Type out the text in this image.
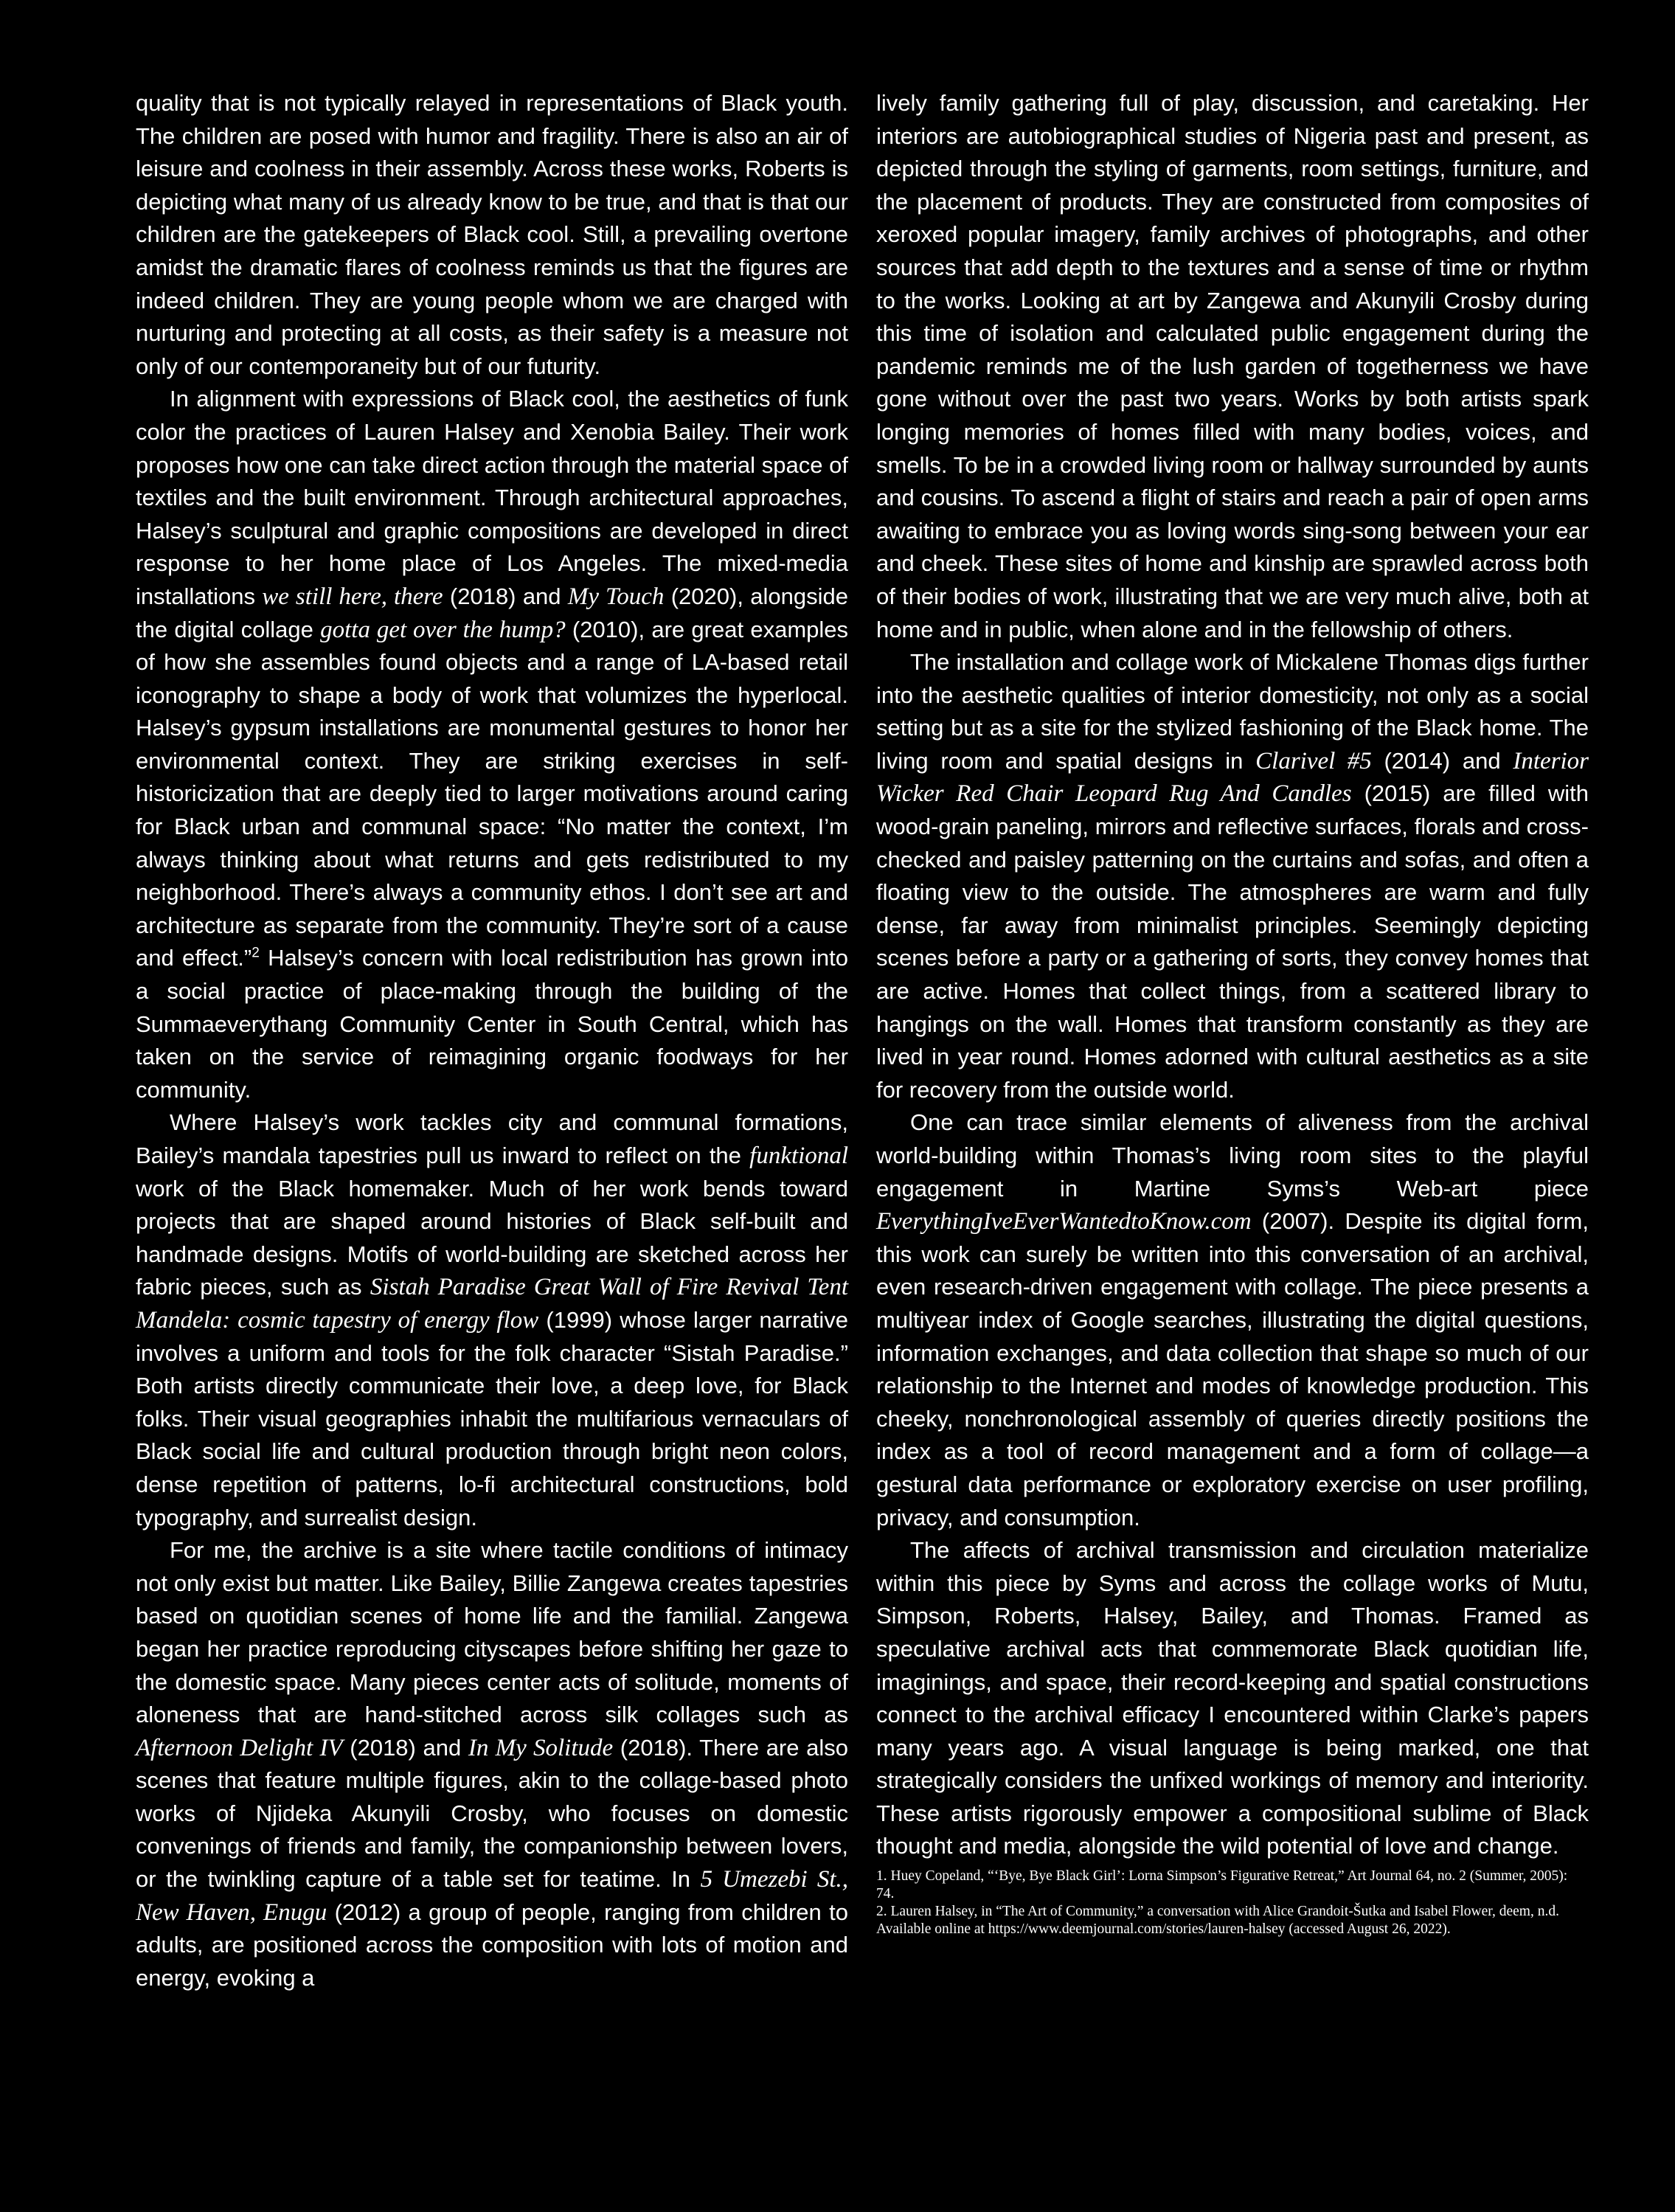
quality that is not typically relayed in representations of Black youth. The children are posed with humor and fragility. There is also an air of leisure and coolness in their assembly. Across these works, Roberts is depicting what many of us already know to be true, and that is that our children are the gatekeepers of Black cool. Still, a prevailing overtone amidst the dramatic flares of coolness reminds us that the figures are indeed children. They are young people whom we are charged with nurturing and protecting at all costs, as their safety is a measure not only of our contemporaneity but of our futurity.

In alignment with expressions of Black cool, the aesthetics of funk color the practices of Lauren Halsey and Xenobia Bailey. Their work proposes how one can take direct action through the material space of textiles and the built environment. Through architectural approaches, Halsey’s sculptural and graphic compositions are developed in direct response to her home place of Los Angeles. The mixed-media installations we still here, there (2018) and My Touch (2020), alongside the digital collage gotta get over the hump? (2010), are great examples of how she assembles found objects and a range of LA-based retail iconography to shape a body of work that volumizes the hyperlocal. Halsey’s gypsum installations are monumental gestures to honor her environmental context. They are striking exercises in self-historicization that are deeply tied to larger motivations around caring for Black urban and communal space: “No matter the context, I’m always thinking about what returns and gets redistributed to my neighborhood. There’s always a community ethos. I don’t see art and architecture as separate from the community. They’re sort of a cause and effect.”$^2$ Halsey’s concern with local redistribution has grown into a social practice of place-making through the building of the Summaeverythang Community Center in South Central, which has taken on the service of reimagining organic foodways for her community.

Where Halsey’s work tackles city and communal formations, Bailey’s mandala tapestries pull us inward to reflect on the funktional work of the Black homemaker. Much of her work bends toward projects that are shaped around histories of Black self-built and handmade designs. Motifs of world-building are sketched across her fabric pieces, such as Sistah Paradise Great Wall of Fire Revival Tent Mandela: cosmic tapestry of energy flow (1999) whose larger narrative involves a uniform and tools for the folk character “Sistah Paradise.” Both artists directly communicate their love, a deep love, for Black folks. Their visual geographies inhabit the multifarious vernaculars of Black social life and cultural production through bright neon colors, dense repetition of patterns, lo-fi architectural constructions, bold typography, and surrealist design.

For me, the archive is a site where tactile conditions of intimacy not only exist but matter. Like Bailey, Billie Zangewa creates tapestries based on quotidian scenes of home life and the familial. Zangewa began her practice reproducing cityscapes before shifting her gaze to the domestic space. Many pieces center acts of solitude, moments of aloneness that are hand-stitched across silk collages such as Afternoon Delight IV (2018) and In My Solitude (2018). There are also scenes that feature multiple figures, akin to the collage-based photo works of Njideka Akunyili Crosby, who focuses on domestic convenings of friends and family, the companionship between lovers, or the twinkling capture of a table set for teatime. In 5 Umezebi St., New Haven, Enugu (2012) a group of people, ranging from children to adults, are positioned across the composition with lots of motion and energy, evoking a

lively family gathering full of play, discussion, and caretaking. Her interiors are autobiographical studies of Nigeria past and present, as depicted through the styling of garments, room settings, furniture, and the placement of products. They are constructed from composites of xeroxed popular imagery, family archives of photographs, and other sources that add depth to the textures and a sense of time or rhythm to the works. Looking at art by Zangewa and Akunyili Crosby during this time of isolation and calculated public engagement during the pandemic reminds me of the lush garden of togetherness we have gone without over the past two years. Works by both artists spark longing memories of homes filled with many bodies, voices, and smells. To be in a crowded living room or hallway surrounded by aunts and cousins. To ascend a flight of stairs and reach a pair of open arms awaiting to embrace you as loving words sing-song between your ear and cheek. These sites of home and kinship are sprawled across both of their bodies of work, illustrating that we are very much alive, both at home and in public, when alone and in the fellowship of others.

The installation and collage work of Mickalene Thomas digs further into the aesthetic qualities of interior domesticity, not only as a social setting but as a site for the stylized fashioning of the Black home. The living room and spatial designs in Clarivel #5 (2014) and Interior Wicker Red Chair Leopard Rug And Candles (2015) are filled with wood-grain paneling, mirrors and reflective surfaces, florals and cross-checked and paisley patterning on the curtains and sofas, and often a floating view to the outside. The atmospheres are warm and fully dense, far away from minimalist principles. Seemingly depicting scenes before a party or a gathering of sorts, they convey homes that are active. Homes that collect things, from a scattered library to hangings on the wall. Homes that transform constantly as they are lived in year round. Homes adorned with cultural aesthetics as a site for recovery from the outside world.

One can trace similar elements of aliveness from the archival world-building within Thomas’s living room sites to the playful engagement in Martine Syms’s Web-art piece EverythingIveEverWantedtoKnow.com (2007). Despite its digital form, this work can surely be written into this conversation of an archival, even research-driven engagement with collage. The piece presents a multiyear index of Google searches, illustrating the digital questions, information exchanges, and data collection that shape so much of our relationship to the Internet and modes of knowledge production. This cheeky, nonchronological assembly of queries directly positions the index as a tool of record management and a form of collage—a gestural data performance or exploratory exercise on user profiling, privacy, and consumption.

The affects of archival transmission and circulation materialize within this piece by Syms and across the collage works of Mutu, Simpson, Roberts, Halsey, Bailey, and Thomas. Framed as speculative archival acts that commemorate Black quotidian life, imaginings, and space, their record-keeping and spatial constructions connect to the archival efficacy I encountered within Clarke’s papers many years ago. A visual language is being marked, one that strategically considers the unfixed workings of memory and interiority. These artists rigorously empower a compositional sublime of Black thought and media, alongside the wild potential of love and change.

1. Huey Copeland, “‘Bye, Bye Black Girl’: Lorna Simpson’s Figurative Retreat,” Art Journal 64, no. 2 (Summer, 2005): 74.

2. Lauren Halsey, in “The Art of Community,” a conversation with Alice Grandoit-Šutka and Isabel Flower, deem, n.d. Available online at https://www.deemjournal.com/stories/lauren-halsey (accessed August 26, 2022).
